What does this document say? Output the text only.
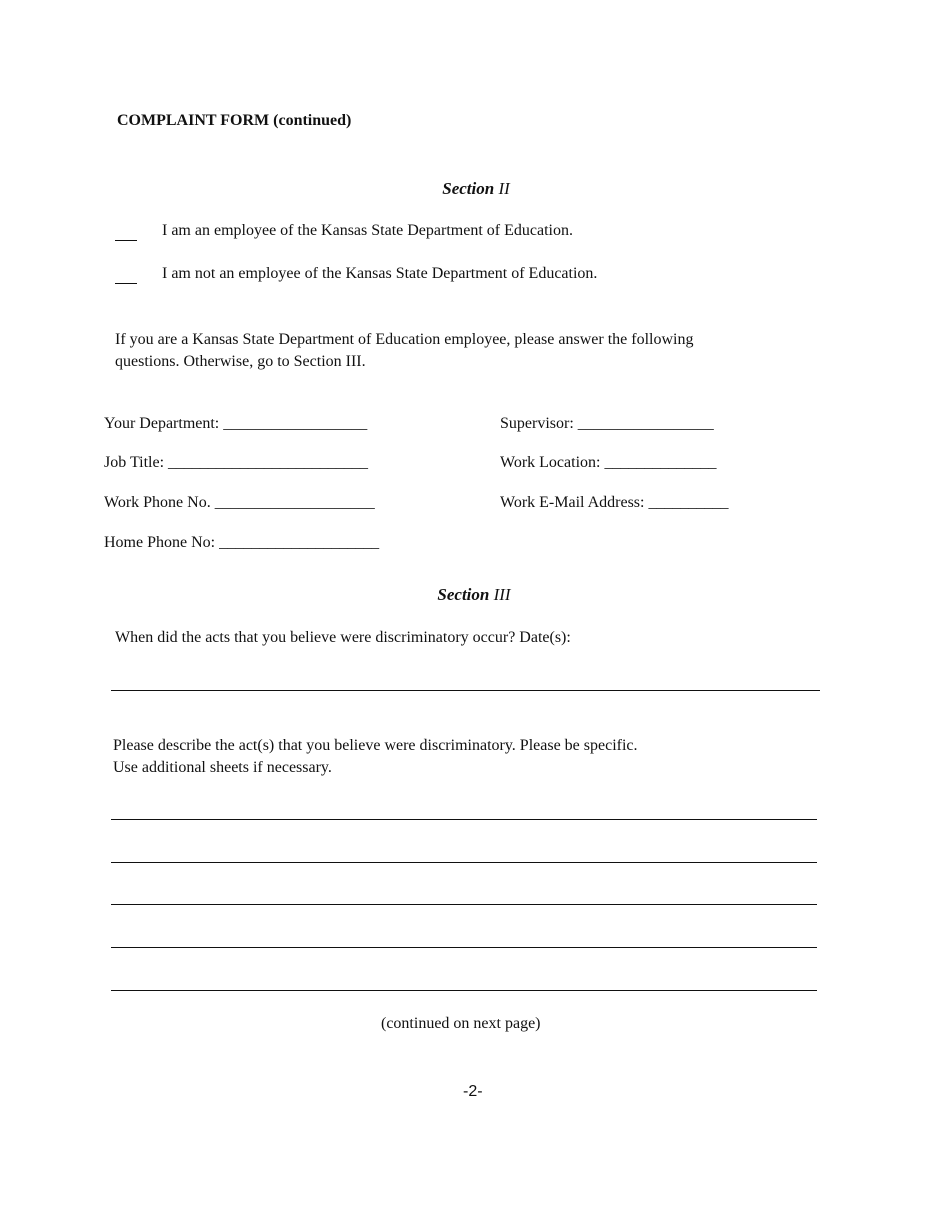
COMPLAINT FORM (continued)
Section II
I am an employee of the Kansas State Department of Education.
I am not an employee of the Kansas State Department of Education.
If you are a Kansas State Department of Education employee, please answer the following
questions. Otherwise, go to Section III.
Your Department: __________________	Supervisor: _________________
Job Title: _________________________	Work Location: ______________
Work Phone No. ____________________	Work E-Mail Address: __________
Home Phone No: ____________________
Section III
When did the acts that you believe were discriminatory occur? Date(s):
Please describe the act(s) that you believe were discriminatory. Please be specific.
Use additional sheets if necessary.
(continued on next page)
-2-
